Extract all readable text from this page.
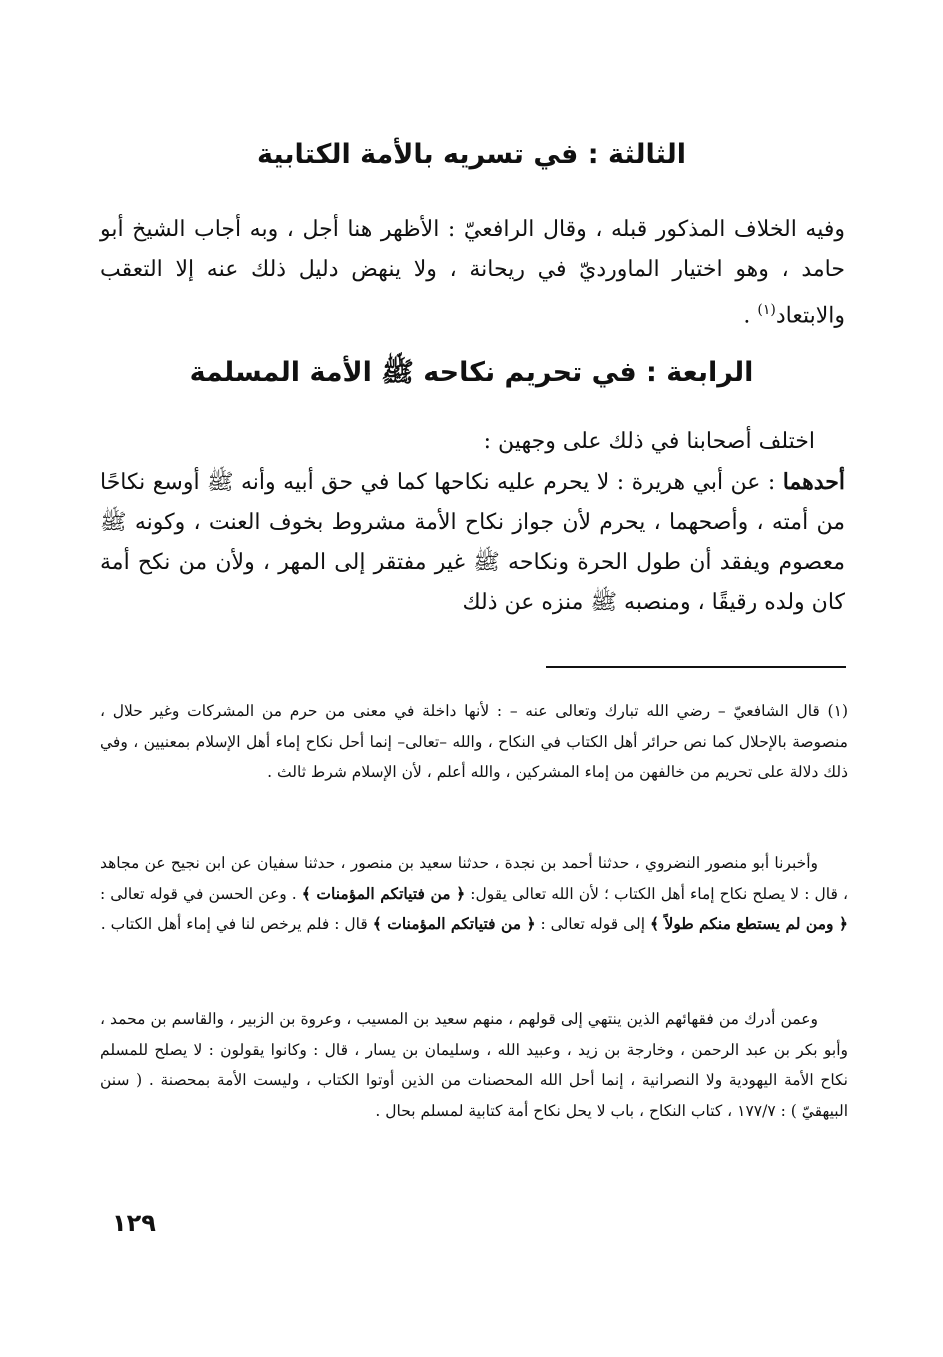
الثالثة : في تسريه بالأمة الكتابية

وفيه الخلاف المذكور قبله ، وقال الرافعيّ : الأظهر هنا أجل ، وبه أجاب الشيخ أبو حامد ، وهو اختيار الماورديّ في ريحانة ، ولا ينهض دليل ذلك عنه إلا التعقب والابتعاد$^{(١)}$ .

الرابعة : في تحريم نكاحه ﷺ الأمة المسلمة
اختلف أصحابنا في ذلك على وجهين :
أحدهما : عن أبي هريرة : لا يحرم عليه نكاحها كما في حق أبيه وأنه ﷺ أوسع نكاحًا من أمته ، وأصحهما ، يحرم لأن جواز نكاح الأمة مشروط بخوف العنت ، وكونه ﷺ معصوم ويفقد أن طول الحرة ونكاحه ﷺ غير مفتقر إلى المهر ، ولأن من نكح أمة كان ولده رقيقًا ، ومنصبه ﷺ منزه عن ذلك

(١) قال الشافعيّ – رضي الله تبارك وتعالى عنه – : لأنها داخلة في معنى من حرم من المشركات وغير حلال ، منصوصة بالإحلال كما نص حرائر أهل الكتاب في النكاح ، والله –تعالى– إنما أحل نكاح إماء أهل الإسلام بمعنيين ، وفي ذلك دلالة على تحريم من خالفهن من إماء المشركين ، والله أعلم ، لأن الإسلام شرط ثالث .

وأخبرنا أبو منصور النضروي ، حدثنا أحمد بن نجدة ، حدثنا سعيد بن منصور ، حدثنا سفيان عن ابن نجيح عن مجاهد ، قال : لا يصلح نكاح إماء أهل الكتاب ؛ لأن الله تعالى يقول: ﴿ من فتياتكم المؤمنات ﴾ . وعن الحسن في قوله تعالى : ﴿ ومن لم يستطع منكم طولاً ﴾ إلى قوله تعالى : ﴿ من فتياتكم المؤمنات ﴾ قال : فلم يرخص لنا في إماء أهل الكتاب .

وعمن أدرك من فقهائهم الذين ينتهي إلى قولهم ، منهم سعيد بن المسيب ، وعروة بن الزبير ، والقاسم بن محمد ، وأبو بكر بن عبد الرحمن ، وخارجة بن زيد ، وعبيد الله ، وسليمان بن يسار ، قال : وكانوا يقولون : لا يصلح للمسلم نكاح الأمة اليهودية ولا النصرانية ، إنما أحل الله المحصنات من الذين أوتوا الكتاب ، وليست الأمة بمحصنة . ( سنن البيهقيّ ) : ١٧٧/٧ ، كتاب النكاح ، باب لا يحل نكاح أمة كتابية لمسلم بحال .

١٢٩
